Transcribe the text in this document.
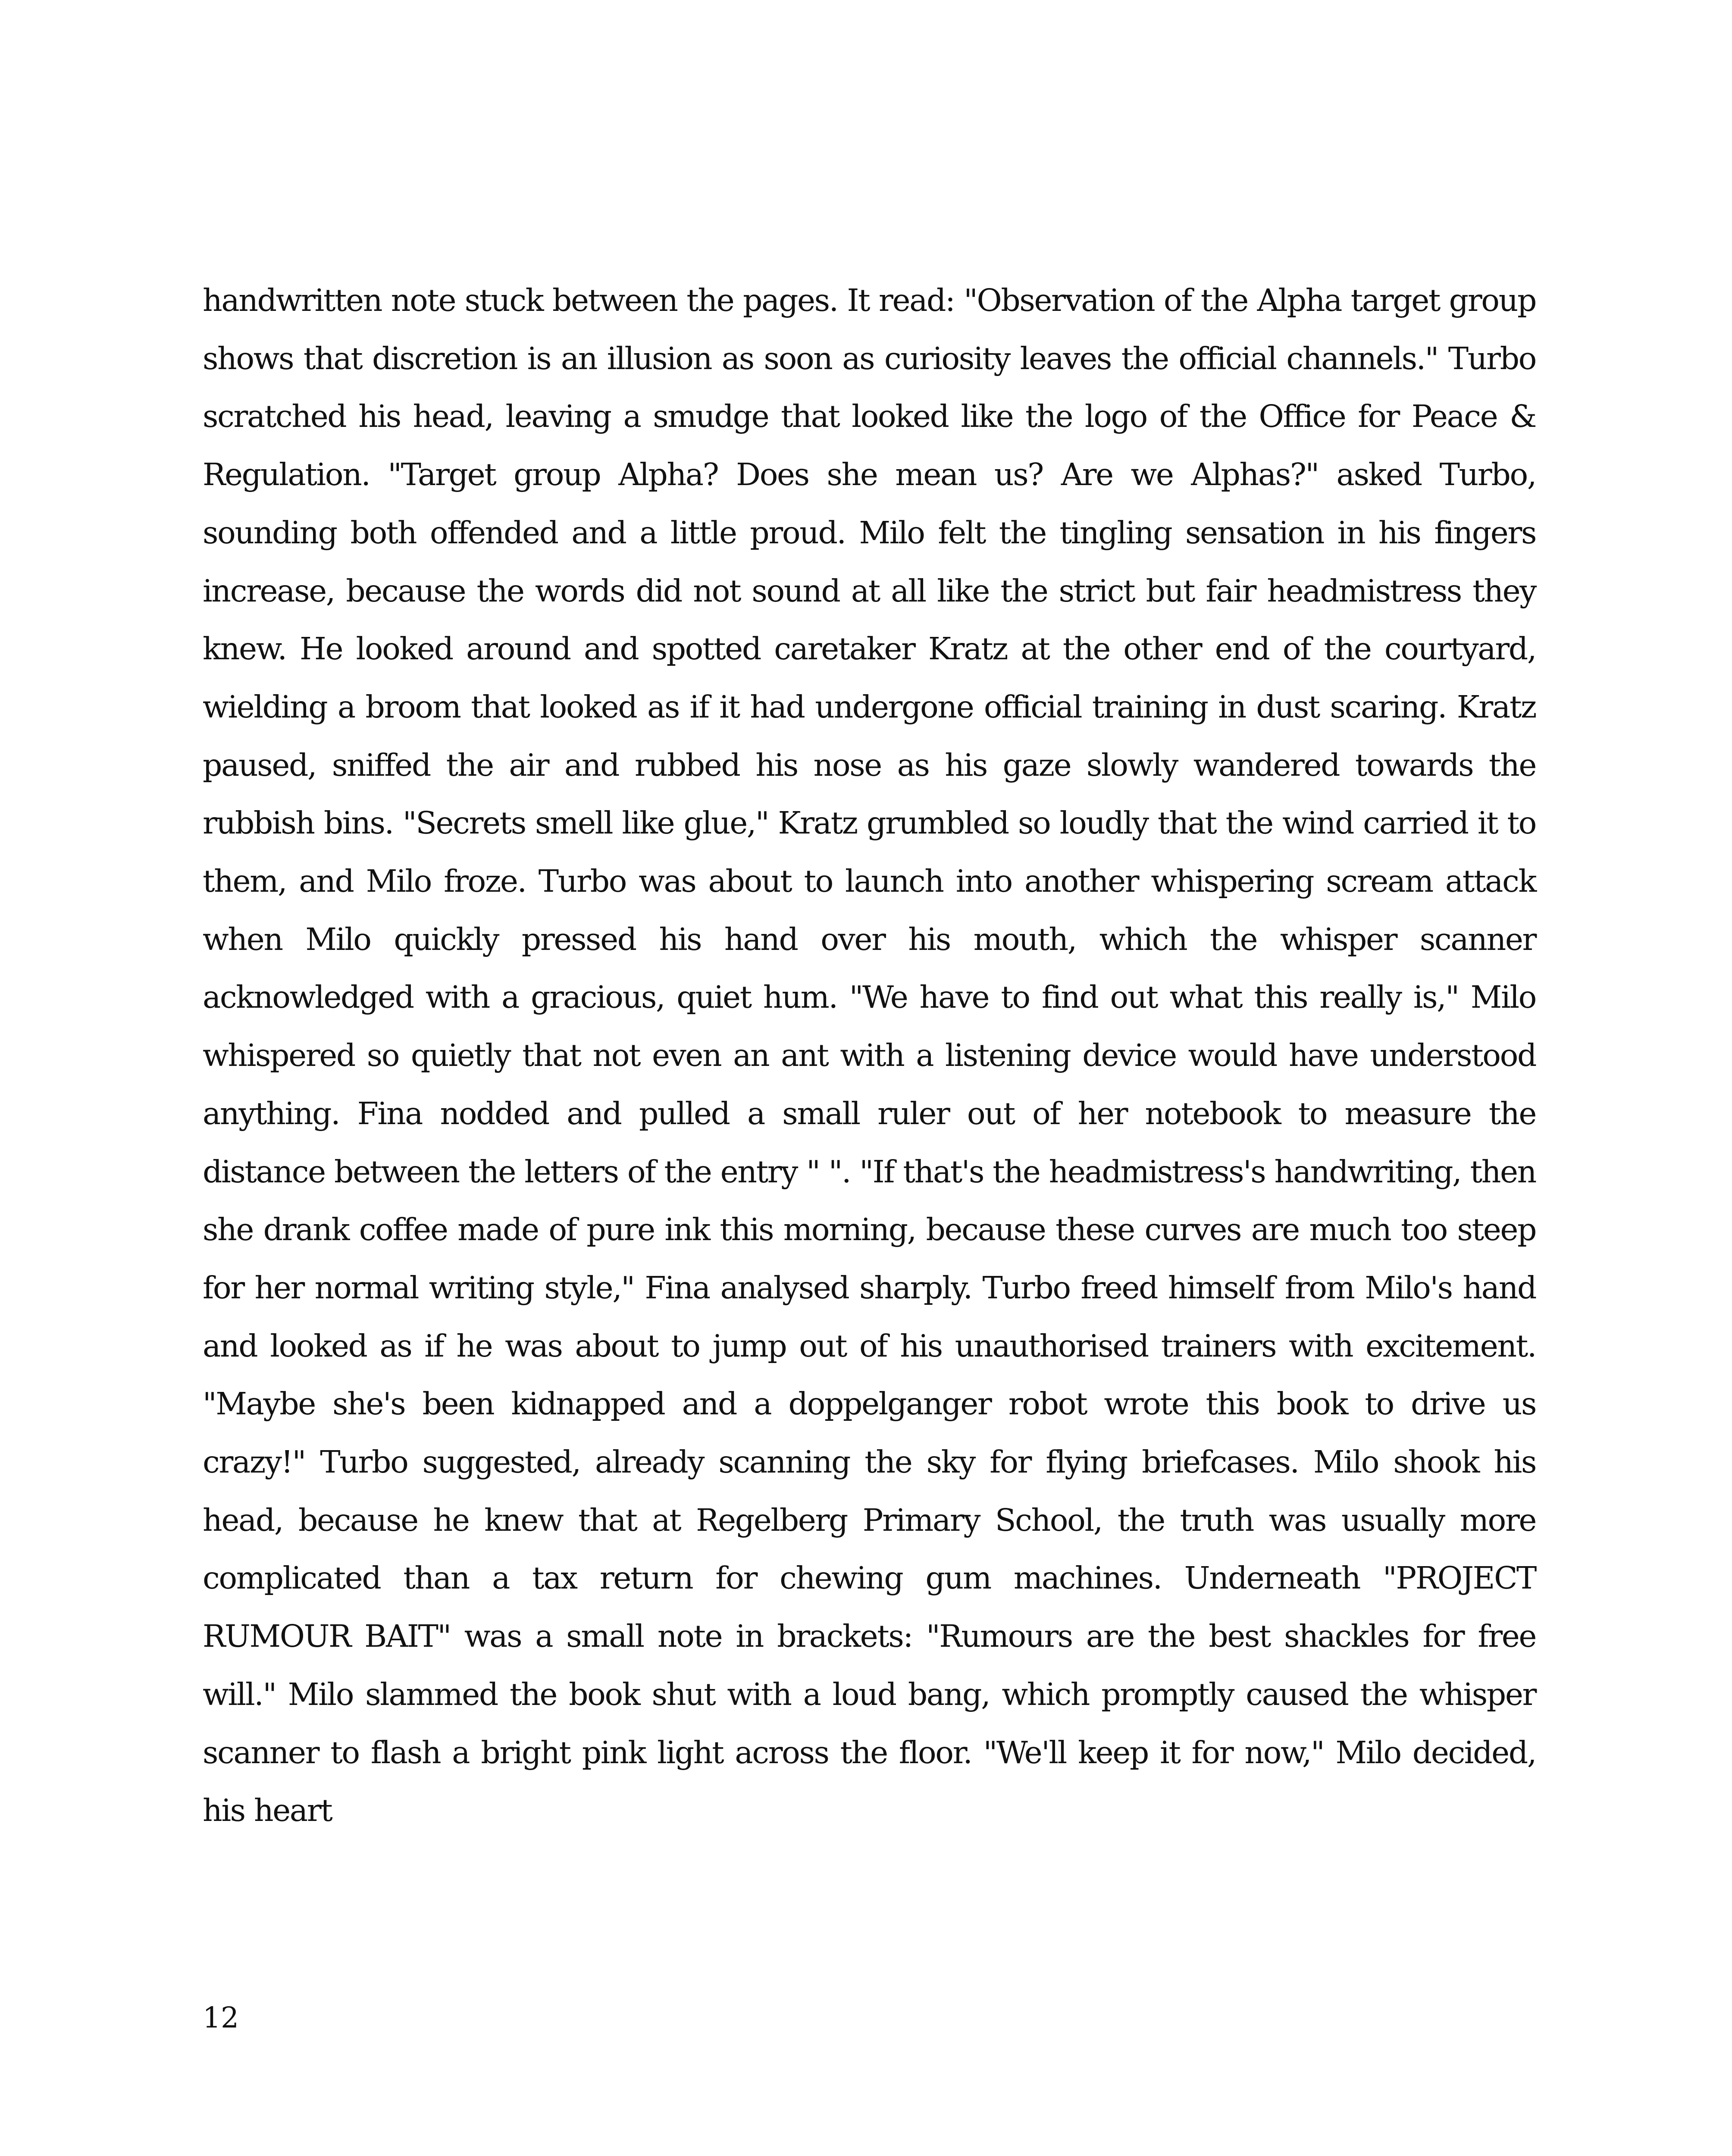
handwritten note stuck between the pages. It read: "Observation of the Alpha target group shows that discretion is an illusion as soon as curiosity leaves the official channels." Turbo scratched his head, leaving a smudge that looked like the logo of the Office for Peace & Regulation. "Target group Alpha? Does she mean us? Are we Alphas?" asked Turbo, sounding both offended and a little proud. Milo felt the tingling sensation in his fingers increase, because the words did not sound at all like the strict but fair headmistress they knew. He looked around and spotted caretaker Kratz at the other end of the courtyard, wielding a broom that looked as if it had undergone official training in dust scaring. Kratz paused, sniffed the air and rubbed his nose as his gaze slowly wandered towards the rubbish bins. "Secrets smell like glue," Kratz grumbled so loudly that the wind carried it to them, and Milo froze. Turbo was about to launch into another whispering scream attack when Milo quickly pressed his hand over his mouth, which the whisper scanner acknowledged with a gracious, quiet hum. "We have to find out what this really is," Milo whispered so quietly that not even an ant with a listening device would have understood anything. Fina nodded and pulled a small ruler out of her notebook to measure the distance between the letters of the entry " ". "If that's the headmistress's handwriting, then she drank coffee made of pure ink this morning, because these curves are much too steep for her normal writing style," Fina analysed sharply. Turbo freed himself from Milo's hand and looked as if he was about to jump out of his unauthorised trainers with excitement. "Maybe she's been kidnapped and a doppelganger robot wrote this book to drive us crazy!" Turbo suggested, already scanning the sky for flying briefcases. Milo shook his head, because he knew that at Regelberg Primary School, the truth was usually more complicated than a tax return for chewing gum machines. Underneath "PROJECT RUMOUR BAIT" was a small note in brackets: "Rumours are the best shackles for free will." Milo slammed the book shut with a loud bang, which promptly caused the whisper scanner to flash a bright pink light across the floor. "We'll keep it for now," Milo decided, his heart

12
